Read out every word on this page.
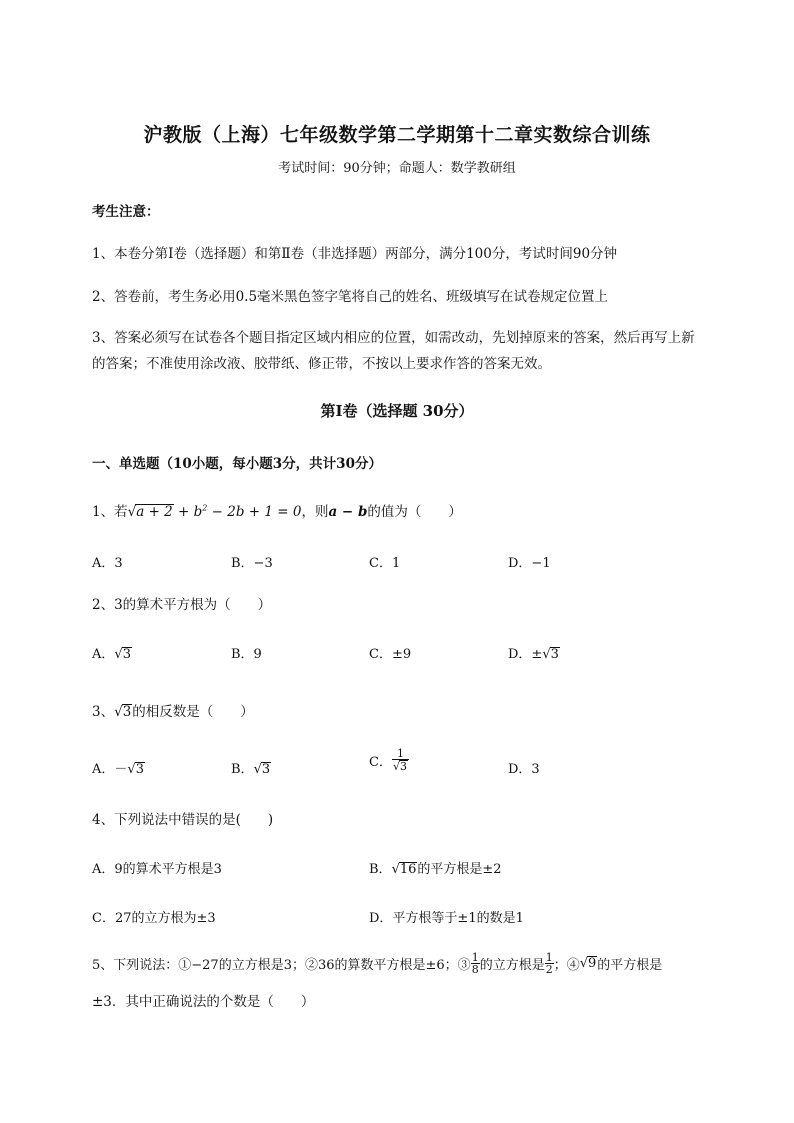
沪教版（上海）七年级数学第二学期第十二章实数综合训练
考试时间：90分钟；命题人：数学教研组
考生注意：
1、本卷分第Ⅰ卷（选择题）和第Ⅱ卷（非选择题）两部分，满分100分，考试时间90分钟
2、答卷前，考生务必用0.5毫米黑色签字笔将自己的姓名、班级填写在试卷规定位置上
3、答案必须写在试卷各个题目指定区域内相应的位置，如需改动，先划掉原来的答案，然后再写上新
的答案；不准使用涂改液、胶带纸、修正带，不按以上要求作答的答案无效。
第Ⅰ卷（选择题 30分）
一、单选题（10小题，每小题3分，共计30分）
1、若$√a + 2 + b^2 - 2b + 1 = 0$，则a − b的值为（　　）
A．3	B．−3	C．1	D．−1
2、3的算术平方根为（　　）
A．√3	B．9	C．±9	D．±√3
3、√3的相反数是（　　）
A．－√3	B．√3	C． $\frac{1}{√3}$	D．3
4、下列说法中错误的是(　　)
A．9的算术平方根是3	B．√16的平方根是±2
C．27的立方根为±3	D．平方根等于±1的数是1
5、下列说法：①−27的立方根是3；②36的算数平方根是±6；③ $\frac{1}{8}$ 的立方根是 $\frac{1}{2}$ ；④√9的平方根是
±3．其中正确说法的个数是（　　）
